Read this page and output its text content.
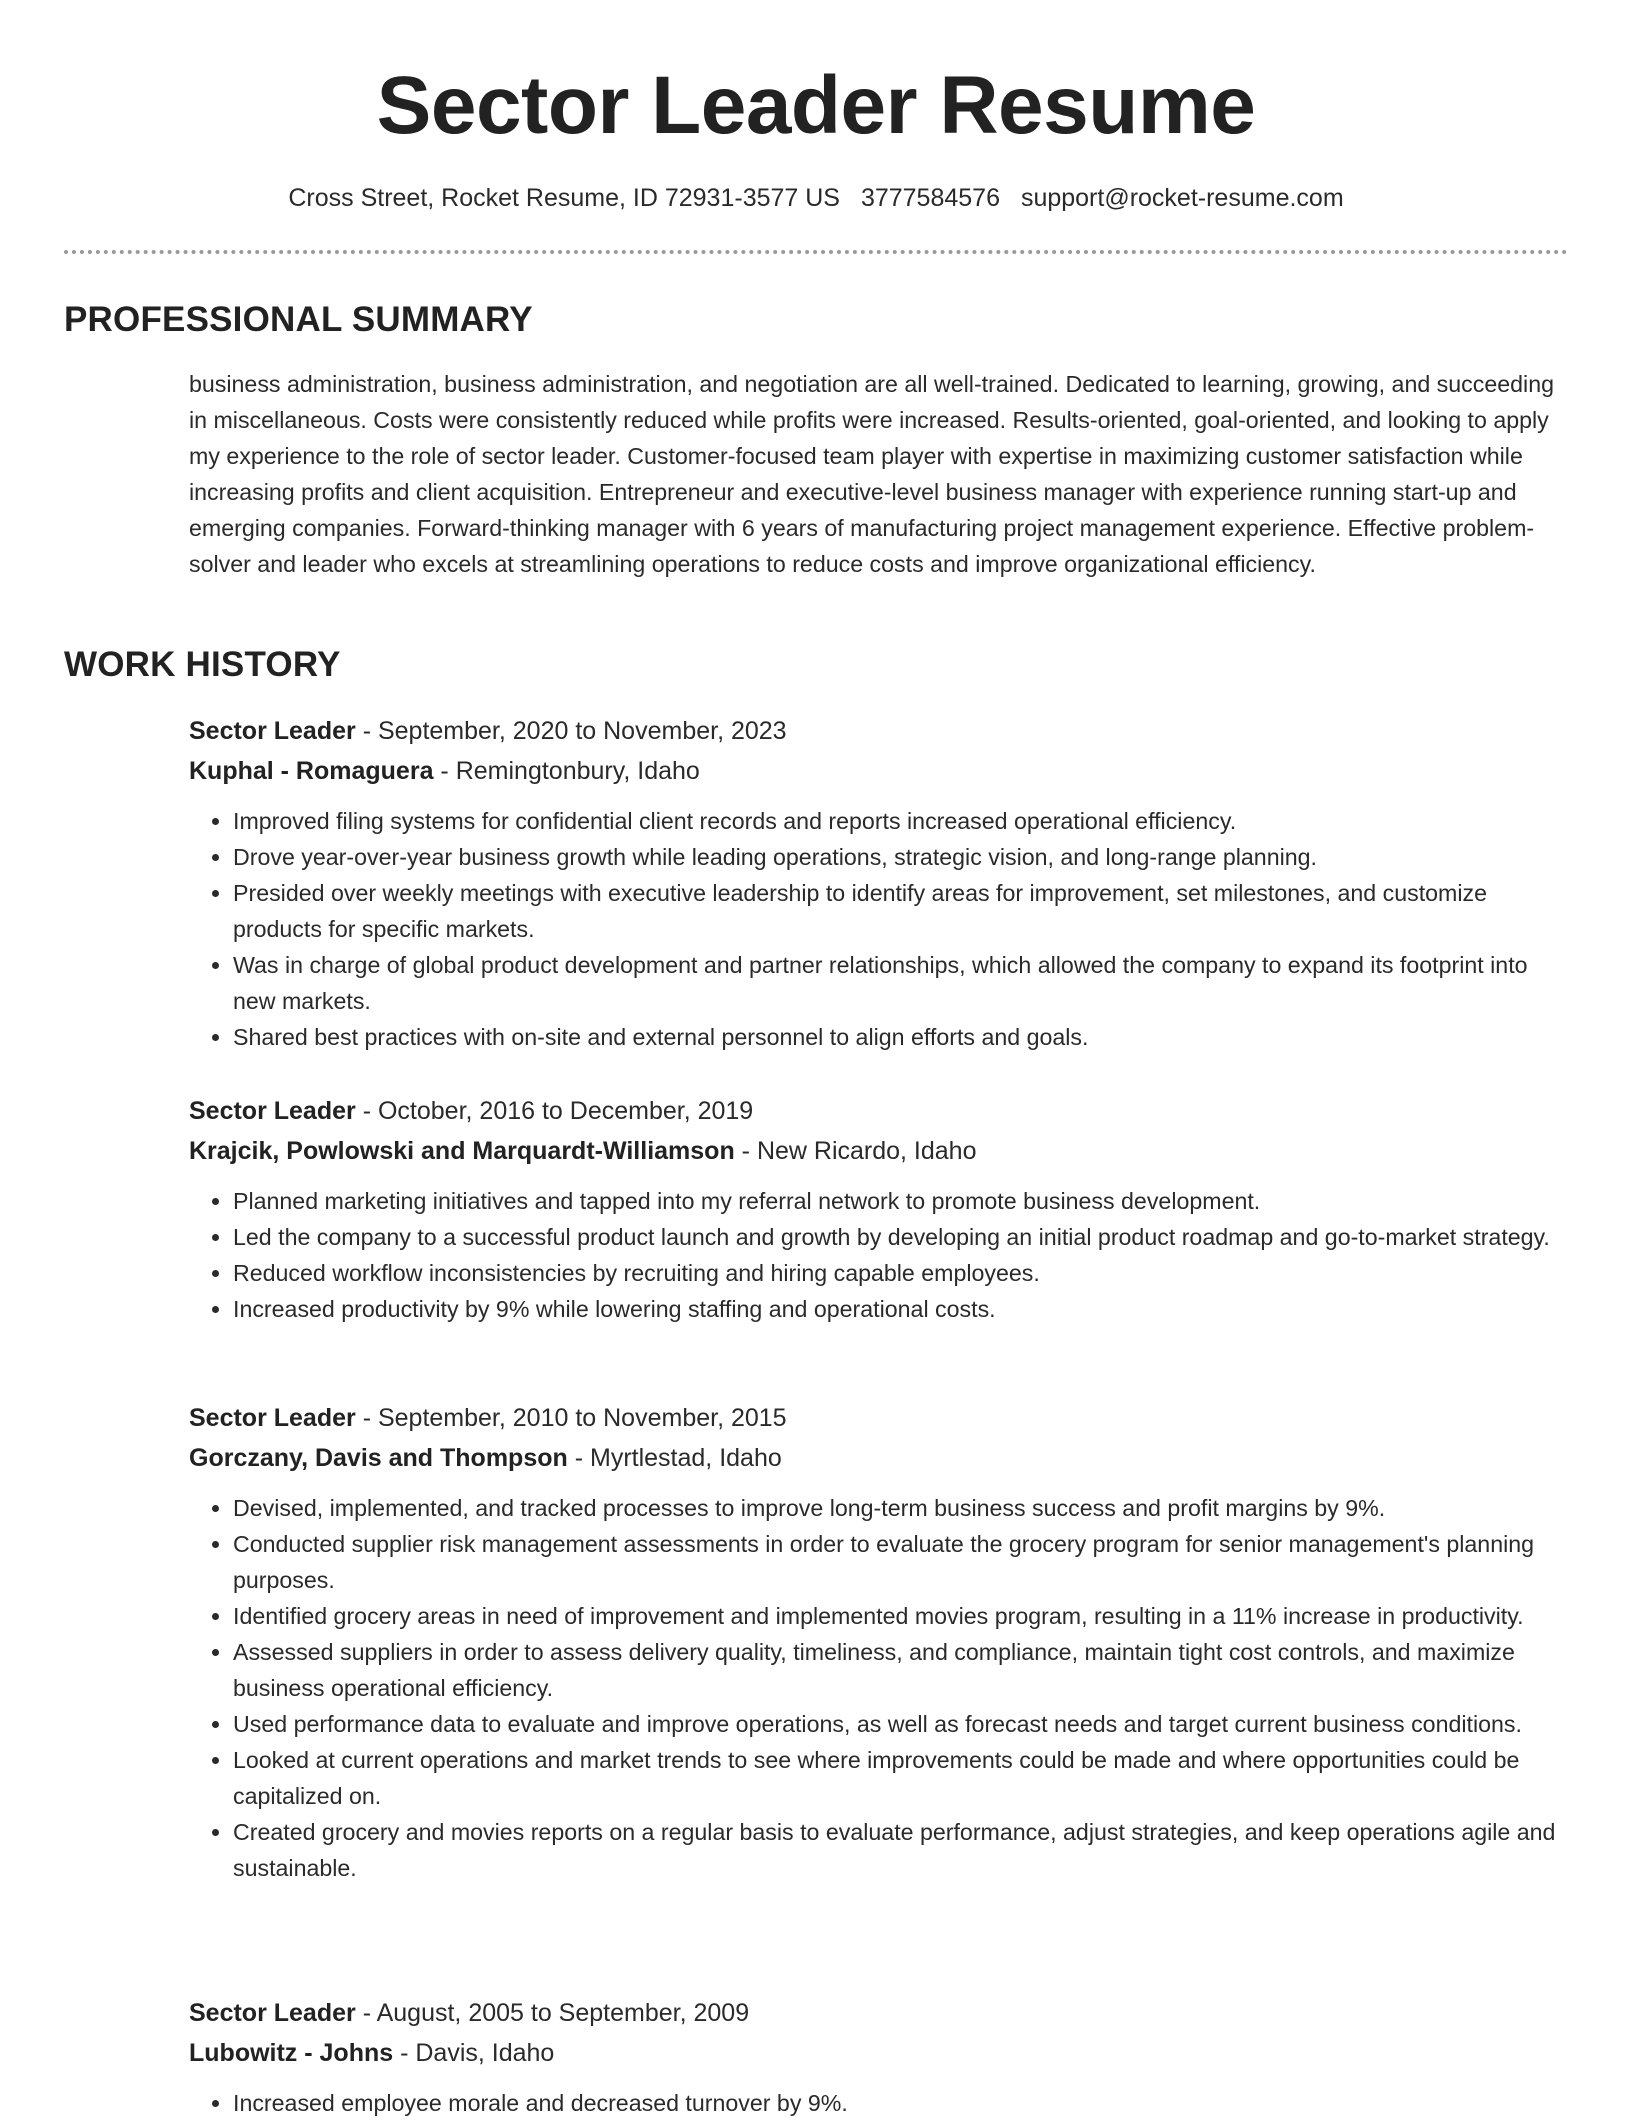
Sector Leader Resume
Cross Street, Rocket Resume, ID 72931-3577 US 3777584576 support@rocket-resume.com
PROFESSIONAL SUMMARY

business administration, business administration, and negotiation are all well-trained. Dedicated to learning, growing, and succeeding in miscellaneous. Costs were consistently reduced while profits were increased. Results-oriented, goal-oriented, and looking to apply my experience to the role of sector leader. Customer-focused team player with expertise in maximizing customer satisfaction while increasing profits and client acquisition. Entrepreneur and executive-level business manager with experience running start-up and emerging companies. Forward-thinking manager with 6 years of manufacturing project management experience. Effective problem-solver and leader who excels at streamlining operations to reduce costs and improve organizational efficiency.

WORK HISTORY
Sector Leader - September, 2020 to November, 2023
Kuphal - Romaguera - Remingtonbury, Idaho
• Improved filing systems for confidential client records and reports increased operational efficiency.
• Drove year-over-year business growth while leading operations, strategic vision, and long-range planning.
• Presided over weekly meetings with executive leadership to identify areas for improvement, set milestones, and customize products for specific markets.
• Was in charge of global product development and partner relationships, which allowed the company to expand its footprint into new markets.
• Shared best practices with on-site and external personnel to align efforts and goals.
Sector Leader - October, 2016 to December, 2019
Krajcik, Powlowski and Marquardt-Williamson - New Ricardo, Idaho
• Planned marketing initiatives and tapped into my referral network to promote business development.
• Led the company to a successful product launch and growth by developing an initial product roadmap and go-to-market strategy.
• Reduced workflow inconsistencies by recruiting and hiring capable employees.
• Increased productivity by 9% while lowering staffing and operational costs.
Sector Leader - September, 2010 to November, 2015
Gorczany, Davis and Thompson - Myrtlestad, Idaho
• Devised, implemented, and tracked processes to improve long-term business success and profit margins by 9%.
• Conducted supplier risk management assessments in order to evaluate the grocery program for senior management's planning purposes.
• Identified grocery areas in need of improvement and implemented movies program, resulting in a 11% increase in productivity.
• Assessed suppliers in order to assess delivery quality, timeliness, and compliance, maintain tight cost controls, and maximize business operational efficiency.
• Used performance data to evaluate and improve operations, as well as forecast needs and target current business conditions.
• Looked at current operations and market trends to see where improvements could be made and where opportunities could be capitalized on.
• Created grocery and movies reports on a regular basis to evaluate performance, adjust strategies, and keep operations agile and sustainable.
Sector Leader - August, 2005 to September, 2009
Lubowitz - Johns - Davis, Idaho
• Increased employee morale and decreased turnover by 9%.
